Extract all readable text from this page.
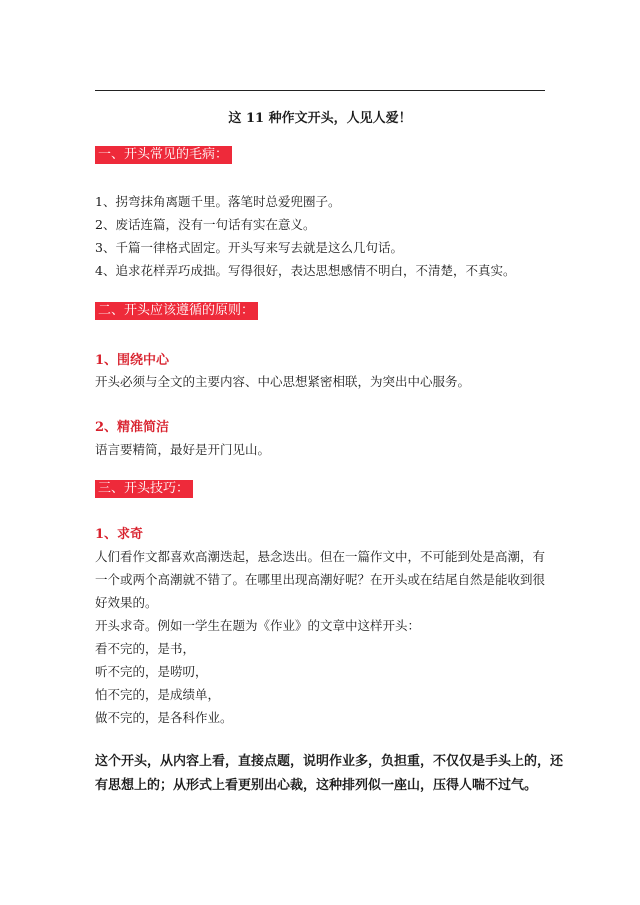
这 11 种作文开头，人见人爱！
一、开头常见的毛病：
1、拐弯抹角离题千里。落笔时总爱兜圈子。
2、废话连篇，没有一句话有实在意义。
3、千篇一律格式固定。开头写来写去就是这么几句话。
4、追求花样弄巧成拙。写得很好，表达思想感情不明白，不清楚，不真实。
二、开头应该遵循的原则：
1、围绕中心
开头必须与全文的主要内容、中心思想紧密相联，为突出中心服务。
2、精准简洁
语言要精简，最好是开门见山。
三、开头技巧：
1、求奇
人们看作文都喜欢高潮迭起，悬念迭出。但在一篇作文中，不可能到处是高潮，有
一个或两个高潮就不错了。在哪里出现高潮好呢？在开头或在结尾自然是能收到很
好效果的。
开头求奇。例如一学生在题为《作业》的文章中这样开头：
看不完的，是书，
听不完的，是唠叨，
怕不完的，是成绩单，
做不完的，是各科作业。
这个开头，从内容上看，直接点题，说明作业多，负担重，不仅仅是手头上的，还
有思想上的；从形式上看更别出心裁，这种排列似一座山，压得人喘不过气。
